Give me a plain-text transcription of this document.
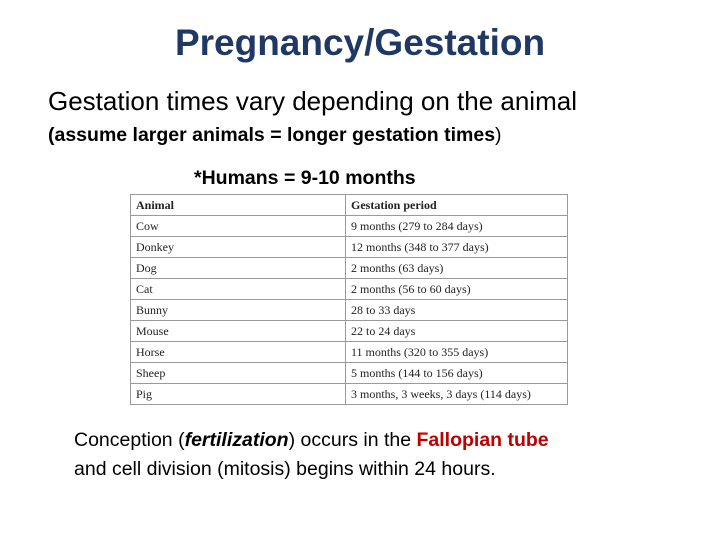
Pregnancy/Gestation
Gestation times vary depending on the animal
(assume larger animals = longer gestation times)
*Humans = 9-10 months
Animal	Gestation period
Cow	9 months (279 to 284 days)
Donkey	12 months (348 to 377 days)
Dog	2 months (63 days)
Cat	2 months (56 to 60 days)
Bunny	28 to 33 days
Mouse	22 to 24 days
Horse	11 months (320 to 355 days)
Sheep	5 months (144 to 156 days)
Pig	3 months, 3 weeks, 3 days (114 days)
Conception (fertilization) occurs in the Fallopian tube
and cell division (mitosis) begins within 24 hours.
